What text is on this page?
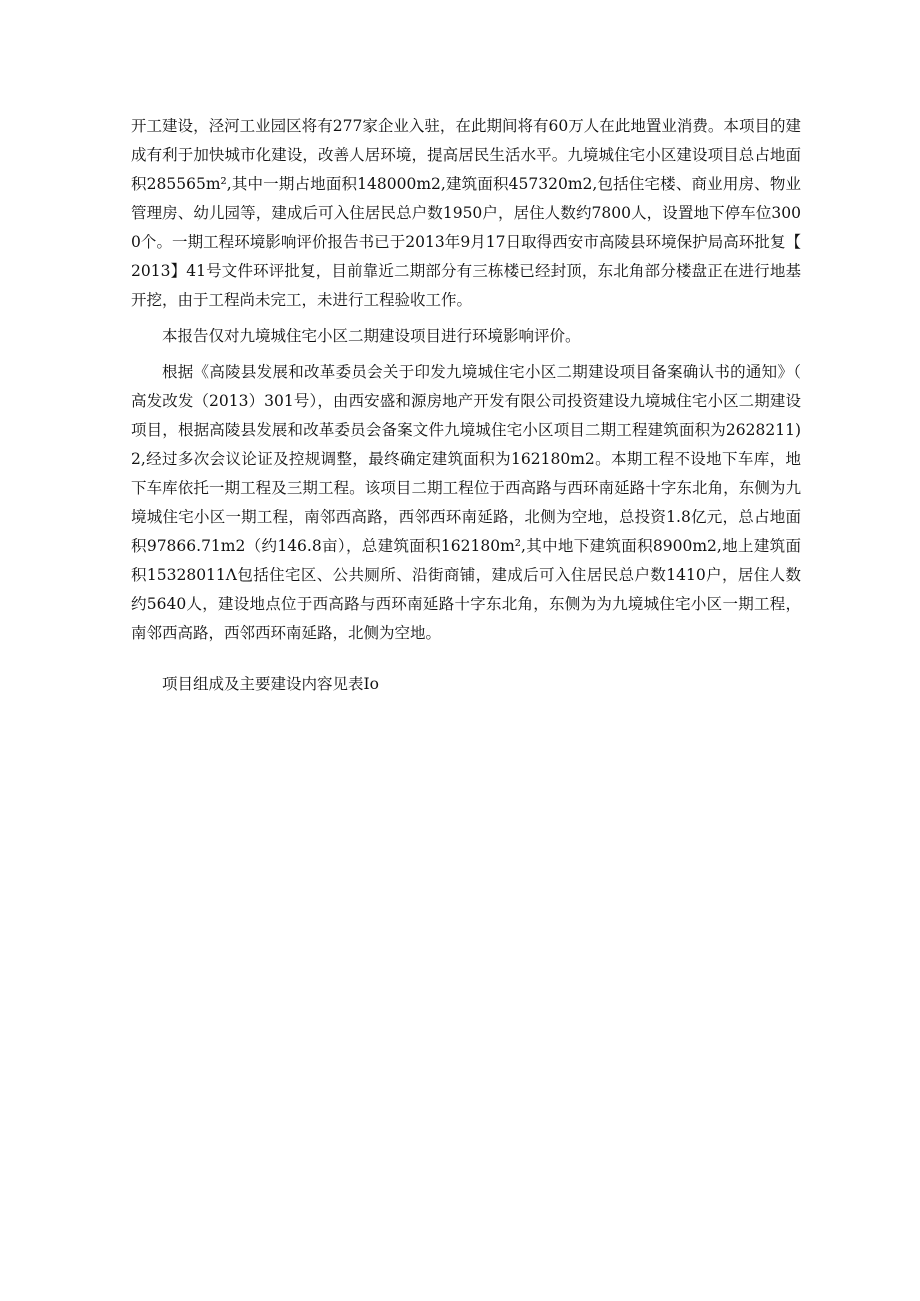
开工建设，泾河工业园区将有277家企业入驻，在此期间将有60万人在此地置业消费。本项目的建成有利于加快城市化建设，改善人居环境，提高居民生活水平。九境城住宅小区建设项目总占地面积285565m²,其中一期占地面积148000m2,建筑面积457320m2,包括住宅楼、商业用房、物业管理房、幼儿园等，建成后可入住居民总户数1950户，居住人数约7800人，设置地下停车位3000个。一期工程环境影响评价报告书已于2013年9月17日取得西安市高陵县环境保护局高环批复【2013】41号文件环评批复，目前靠近二期部分有三栋楼已经封顶，东北角部分楼盘正在进行地基开挖，由于工程尚未完工，未进行工程验收工作。

本报告仅对九境城住宅小区二期建设项目进行环境影响评价。

根据《高陵县发展和改革委员会关于印发九境城住宅小区二期建设项目备案确认书的通知》（高发改发（2013）301号），由西安盛和源房地产开发有限公司投资建设九境城住宅小区二期建设项目，根据高陵县发展和改革委员会备案文件九境城住宅小区项目二期工程建筑面积为2628211)2,经过多次会议论证及控规调整，最终确定建筑面积为162180m2。本期工程不设地下车库，地下车库依托一期工程及三期工程。该项目二期工程位于西高路与西环南延路十字东北角，东侧为九境城住宅小区一期工程，南邻西高路，西邻西环南延路，北侧为空地，总投资1.8亿元，总占地面积97866.71m2（约146.8亩），总建筑面积162180m²,其中地下建筑面积8900m2,地上建筑面积15328011Λ包括住宅区、公共厕所、沿街商铺，建成后可入住居民总户数1410户，居住人数约5640人，建设地点位于西高路与西环南延路十字东北角，东侧为为九境城住宅小区一期工程，南邻西高路，西邻西环南延路，北侧为空地。

项目组成及主要建设内容见表Io
